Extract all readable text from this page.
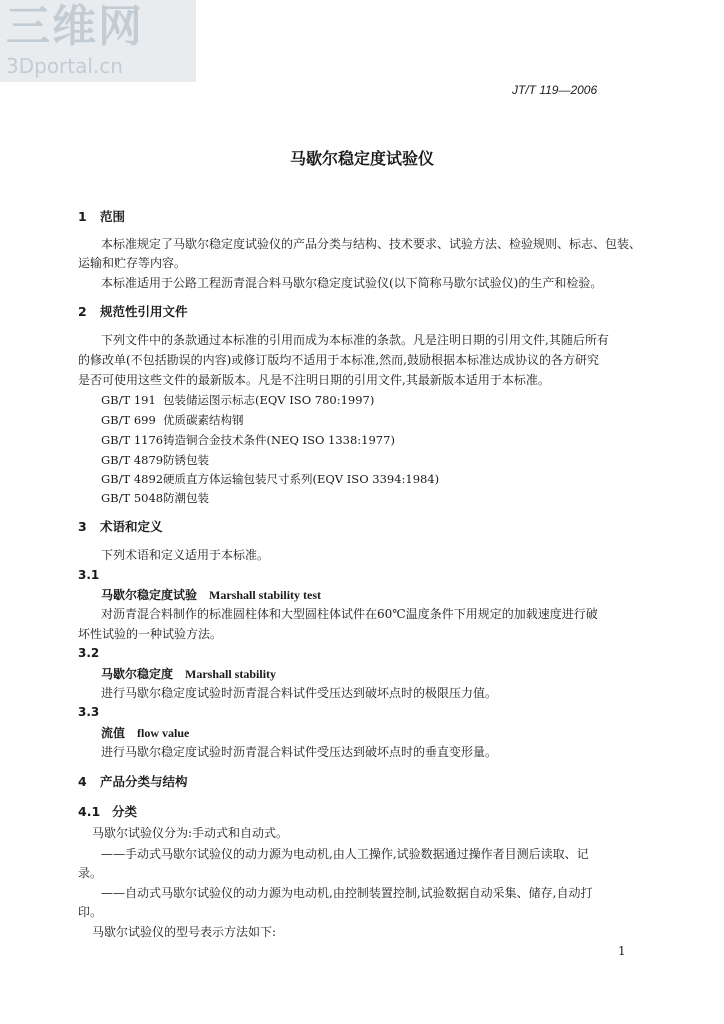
三维网
3Dportal.cn
JT/T 119—2006
马歇尔稳定度试验仪
1 范围
本标准规定了马歇尔稳定度试验仪的产品分类与结构、技术要求、试验方法、检验规则、标志、包装、
运输和贮存等内容。
本标准适用于公路工程沥青混合料马歇尔稳定度试验仪(以下简称马歇尔试验仪)的生产和检验。
2 规范性引用文件
下列文件中的条款通过本标准的引用而成为本标准的条款。凡是注明日期的引用文件,其随后所有
的修改单(不包括勘误的内容)或修订版均不适用于本标准,然而,鼓励根据本标准达成协议的各方研究
是否可使用这些文件的最新版本。凡是不注明日期的引用文件,其最新版本适用于本标准。
GB/T 191 包装储运图示标志(EQV ISO 780:1997)
GB/T 699 优质碳素结构钢
GB/T 1176铸造铜合金技术条件(NEQ ISO 1338:1977)
GB/T 4879防锈包装
GB/T 4892硬质直方体运输包装尺寸系列(EQV ISO 3394:1984)
GB/T 5048防潮包装
3 术语和定义
下列术语和定义适用于本标准。
3.1
马歇尔稳定度试验 Marshall stability test
对沥青混合料制作的标准圆柱体和大型圆柱体试件在60℃温度条件下用规定的加载速度进行破
坏性试验的一种试验方法。
3.2
马歇尔稳定度 Marshall stability
进行马歇尔稳定度试验时沥青混合料试件受压达到破坏点时的极限压力值。
3.3
流值 flow value
进行马歇尔稳定度试验时沥青混合料试件受压达到破坏点时的垂直变形量。
4 产品分类与结构
4.1 分类
马歇尔试验仪分为:手动式和自动式。
——手动式马歇尔试验仪的动力源为电动机,由人工操作,试验数据通过操作者目测后读取、记
录。
——自动式马歇尔试验仪的动力源为电动机,由控制装置控制,试验数据自动采集、储存,自动打
印。
马歇尔试验仪的型号表示方法如下:
1
